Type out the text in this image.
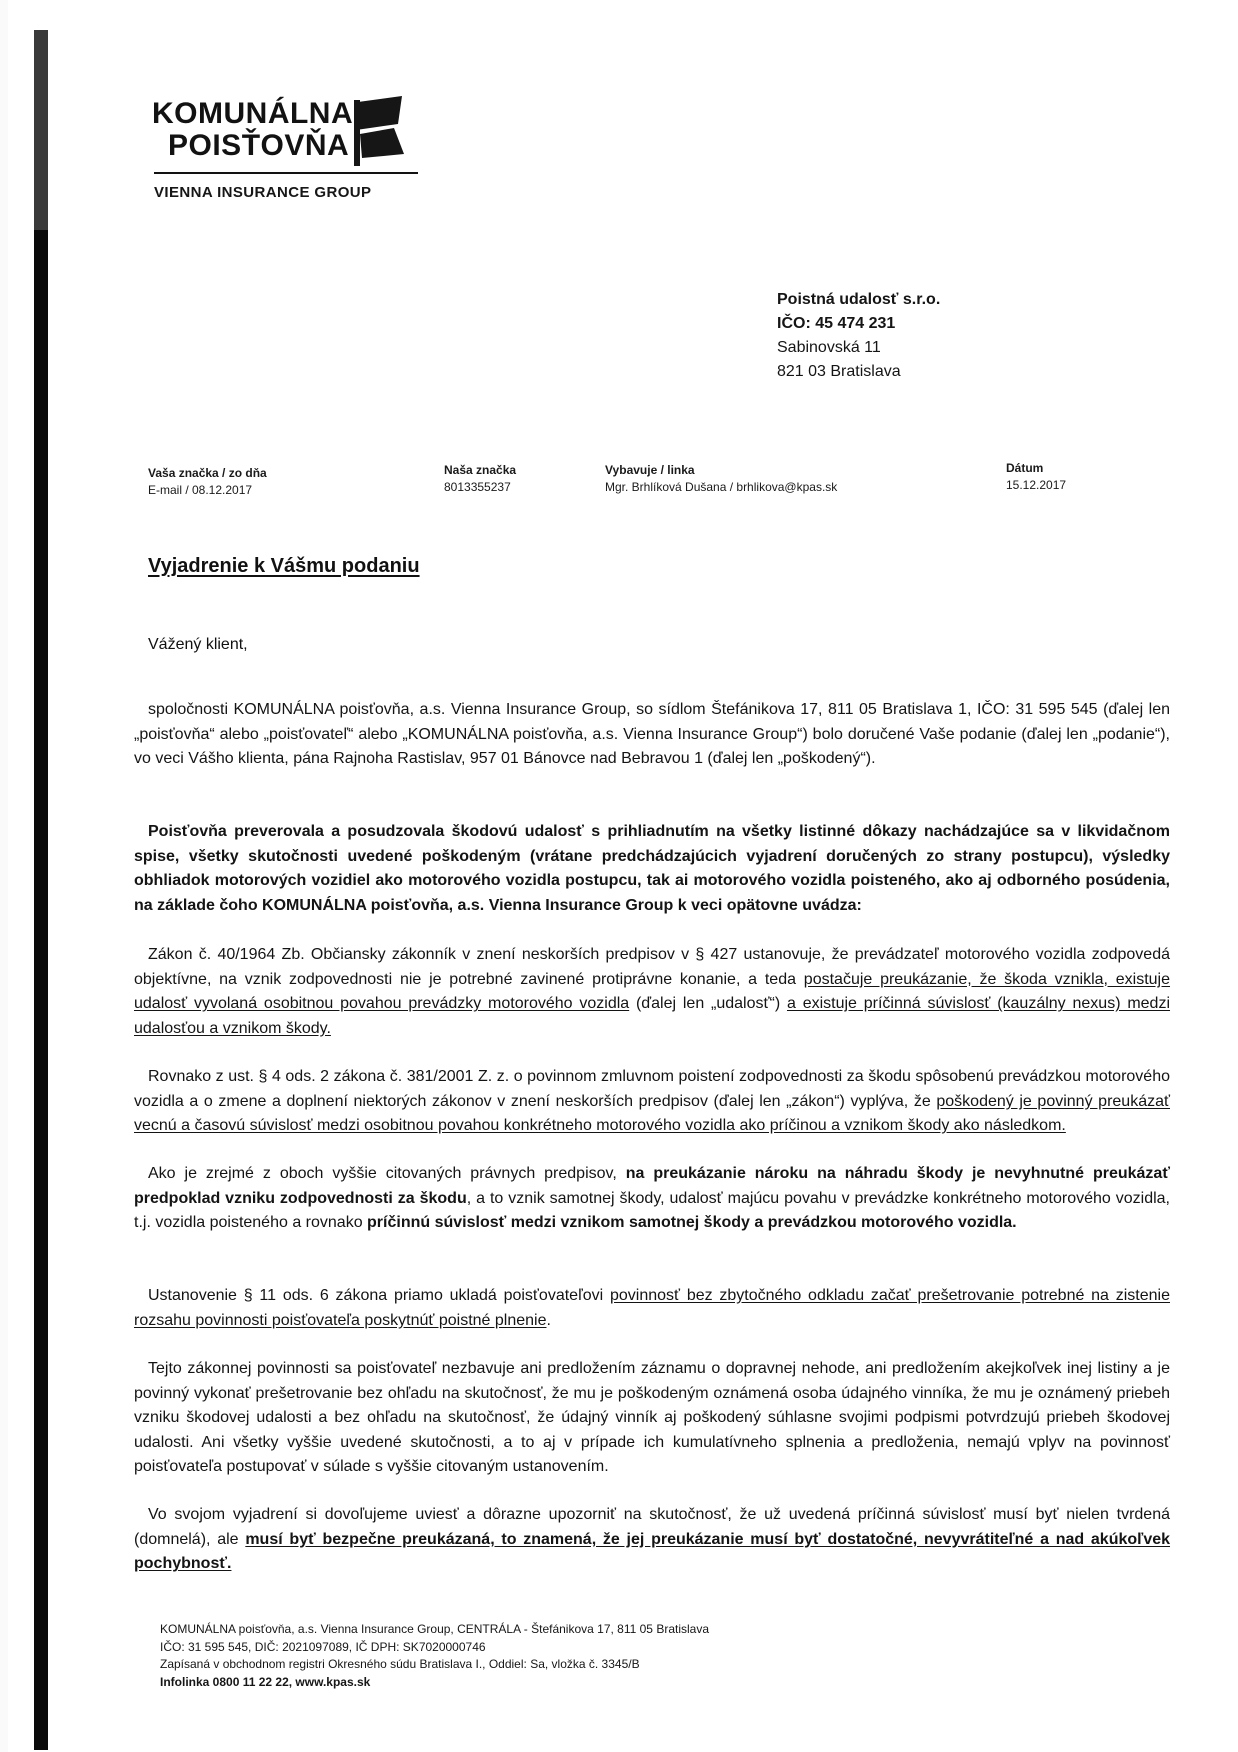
KOMUNÁLNA
POISŤOVŇA
VIENNA INSURANCE GROUP
Poistná udalosť s.r.o.
IČO: 45 474 231
Sabinovská 11
821 03 Bratislava
Vaša značka / zo dňa
E-mail / 08.12.2017
Naša značka
8013355237
Vybavuje / linka
Mgr. Brhlíková Dušana / brhlikova@kpas.sk
Dátum
15.12.2017
Vyjadrenie k Vášmu podaniu
Vážený klient,
spoločnosti KOMUNÁLNA poisťovňa, a.s. Vienna Insurance Group, so sídlom Štefánikova 17, 811 05 Bratislava 1, IČO: 31 595 545 (ďalej len „poisťovňa“ alebo „poisťovateľ“ alebo „KOMUNÁLNA poisťovňa, a.s. Vienna Insurance Group“) bolo doručené Vaše podanie (ďalej len „podanie“), vo veci Vášho klienta, pána Rajnoha Rastislav, 957 01 Bánovce nad Bebravou 1 (ďalej len „poškodený“).
Poisťovňa preverovala a posudzovala škodovú udalosť s prihliadnutím na všetky listinné dôkazy nachádzajúce sa v likvidačnom spise, všetky skutočnosti uvedené poškodeným (vrátane predchádzajúcich vyjadrení doručených zo strany postupcu), výsledky obhliadok motorových vozidiel ako motorového vozidla postupcu, tak ai motorového vozidla poisteného, ako aj odborného posúdenia, na základe čoho KOMUNÁLNA poisťovňa, a.s. Vienna Insurance Group k veci opätovne uvádza:
Zákon č. 40/1964 Zb. Občiansky zákonník v znení neskorších predpisov v § 427 ustanovuje, že prevádzateľ motorového vozidla zodpovedá objektívne, na vznik zodpovednosti nie je potrebné zavinené protiprávne konanie, a teda postačuje preukázanie, že škoda vznikla, existuje udalosť vyvolaná osobitnou povahou prevádzky motorového vozidla (ďalej len „udalosť“) a existuje príčinná súvislosť (kauzálny nexus) medzi udalosťou a vznikom škody.
Rovnako z ust. § 4 ods. 2 zákona č. 381/2001 Z. z. o povinnom zmluvnom poistení zodpovednosti za škodu spôsobenú prevádzkou motorového vozidla a o zmene a doplnení niektorých zákonov v znení neskorších predpisov (ďalej len „zákon“) vyplýva, že poškodený je povinný preukázať vecnú a časovú súvislosť medzi osobitnou povahou konkrétneho motorového vozidla ako príčinou a vznikom škody ako následkom.
Ako je zrejmé z oboch vyššie citovaných právnych predpisov, na preukázanie nároku na náhradu škody je nevyhnutné preukázať predpoklad vzniku zodpovednosti za škodu, a to vznik samotnej škody, udalosť majúcu povahu v prevádzke konkrétneho motorového vozidla, t.j. vozidla poisteného a rovnako príčinnú súvislosť medzi vznikom samotnej škody a prevádzkou motorového vozidla.
Ustanovenie § 11 ods. 6 zákona priamo ukladá poisťovateľovi povinnosť bez zbytočného odkladu začať prešetrovanie potrebné na zistenie rozsahu povinnosti poisťovateľa poskytnúť poistné plnenie.
Tejto zákonnej povinnosti sa poisťovateľ nezbavuje ani predložením záznamu o dopravnej nehode, ani predložením akejkoľvek inej listiny a je povinný vykonať prešetrovanie bez ohľadu na skutočnosť, že mu je poškodeným oznámená osoba údajného vinníka, že mu je oznámený priebeh vzniku škodovej udalosti a bez ohľadu na skutočnosť, že údajný vinník aj poškodený súhlasne svojimi podpismi potvrdzujú priebeh škodovej udalosti. Ani všetky vyššie uvedené skutočnosti, a to aj v prípade ich kumulatívneho splnenia a predloženia, nemajú vplyv na povinnosť poisťovateľa postupovať v súlade s vyššie citovaným ustanovením.
Vo svojom vyjadrení si dovoľujeme uviesť a dôrazne upozorniť na skutočnosť, že už uvedená príčinná súvislosť musí byť nielen tvrdená (domnelá), ale musí byť bezpečne preukázaná, to znamená, že jej preukázanie musí byť dostatočné, nevyvrátiteľné a nad akúkoľvek pochybnosť.
KOMUNÁLNA poisťovňa, a.s. Vienna Insurance Group, CENTRÁLA - Štefánikova 17, 811 05 Bratislava
IČO: 31 595 545, DIČ: 2021097089, IČ DPH: SK7020000746
Zapísaná v obchodnom registri Okresného súdu Bratislava I., Oddiel: Sa, vložka č. 3345/B
Infolinka 0800 11 22 22, www.kpas.sk
